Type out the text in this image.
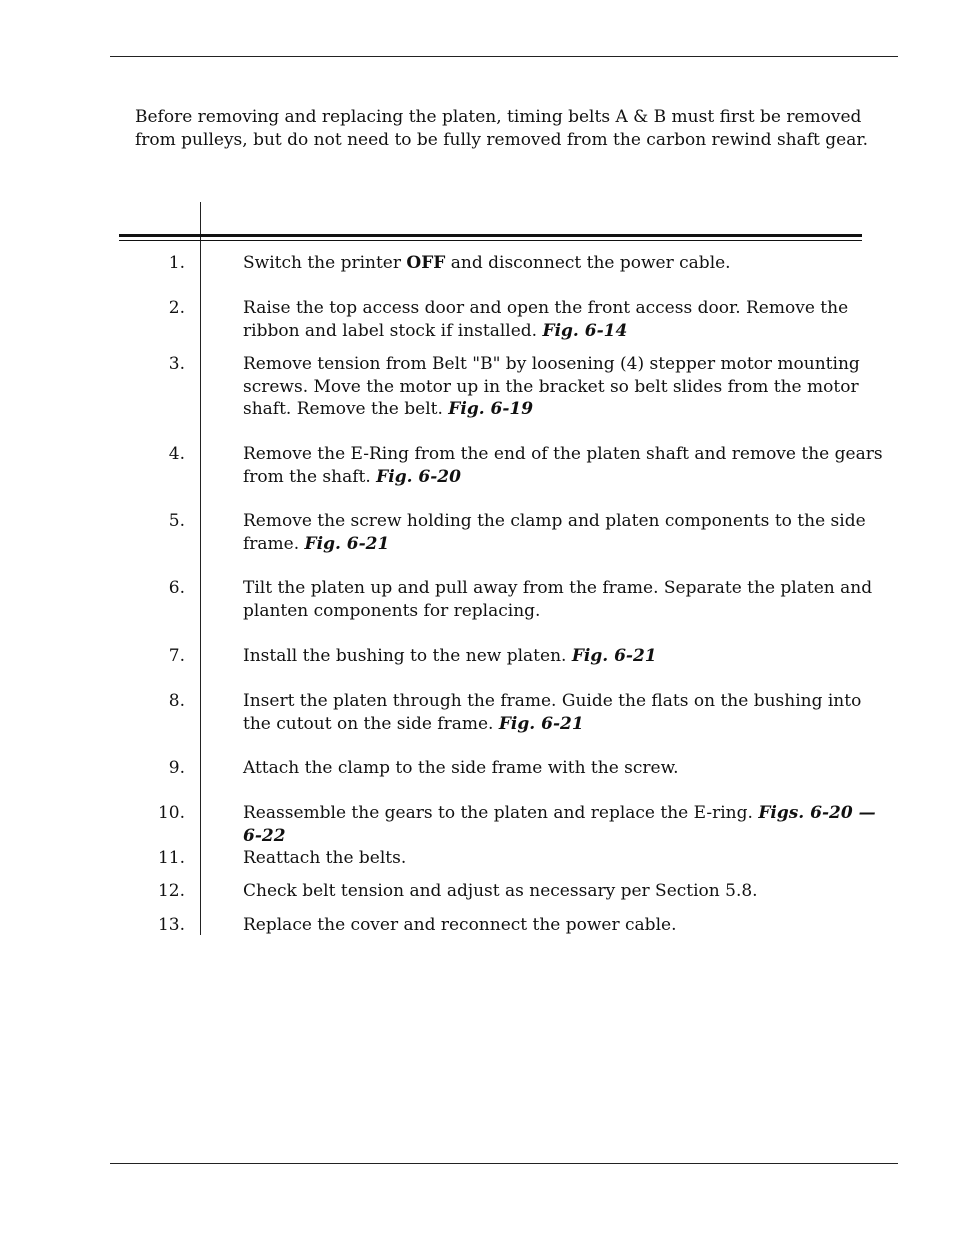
Before removing and replacing the platen, timing belts A & B must first be removed from pulleys, but do not need to be fully removed from the carbon rewind shaft gear.

1.	Switch the printer OFF and disconnect the power cable.
2.	Raise the top access door and open the front access door. Remove the ribbon and label stock if installed. Fig. 6-14
3.	Remove tension from Belt "B" by loosening (4) stepper motor mounting screws. Move the motor up in the bracket so belt slides from the motor shaft. Remove the belt. Fig. 6-19
4.	Remove the E-Ring from the end of the platen shaft and remove the gears from the shaft. Fig. 6-20
5.	Remove the screw holding the clamp and platen components to the side frame. Fig. 6-21
6.	Tilt the platen up and pull away from the frame. Separate the platen and planten components for replacing.
7.	Install the bushing to the new platen. Fig. 6-21
8.	Insert the platen through the frame. Guide the flats on the bushing into the cutout on the side frame. Fig. 6-21
9.	Attach the clamp to the side frame with the screw.
10.	Reassemble the gears to the platen and replace the E-ring. Figs. 6-20 — 6-22
11.	Reattach the belts.
12.	Check belt tension and adjust as necessary per Section 5.8.
13.	Replace the cover and reconnect the power cable.
